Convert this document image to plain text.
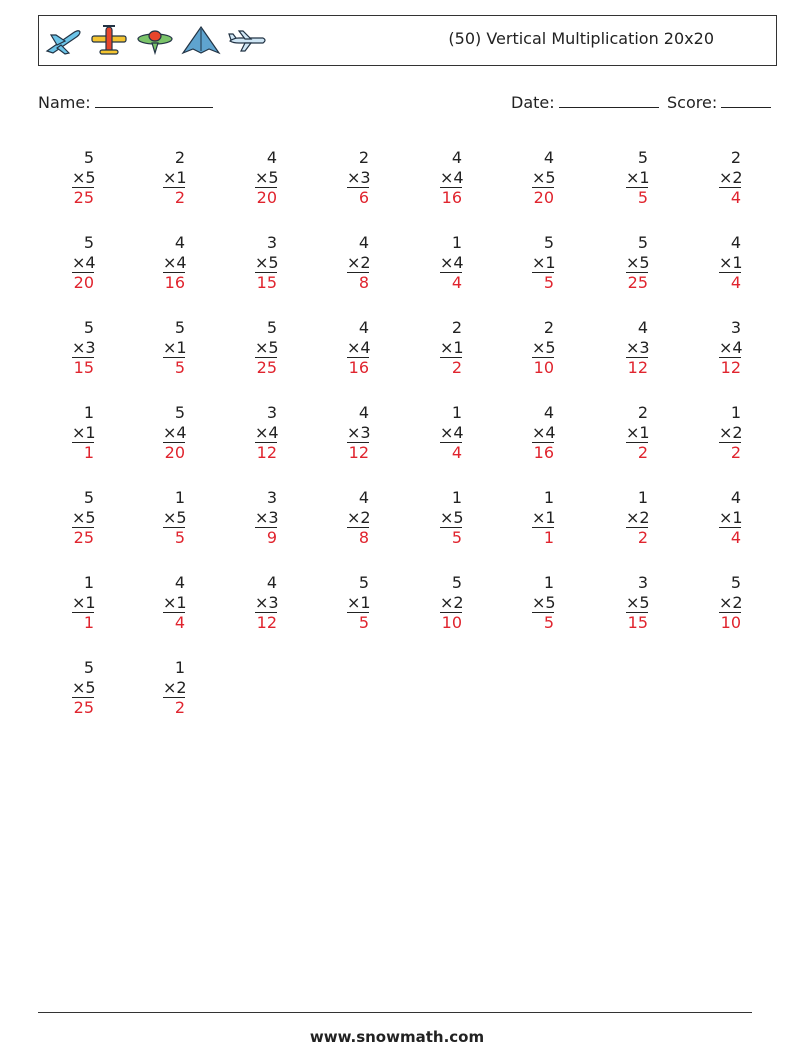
(50) Vertical Multiplication 20x20
Name:	Date:	Score:
5
×5
25
2
×1
2
4
×5
20
2
×3
6
4
×4
16
4
×5
20
5
×1
5
2
×2
4
5
×4
20
4
×4
16
3
×5
15
4
×2
8
1
×4
4
5
×1
5
5
×5
25
4
×1
4
5
×3
15
5
×1
5
5
×5
25
4
×4
16
2
×1
2
2
×5
10
4
×3
12
3
×4
12
1
×1
1
5
×4
20
3
×4
12
4
×3
12
1
×4
4
4
×4
16
2
×1
2
1
×2
2
5
×5
25
1
×5
5
3
×3
9
4
×2
8
1
×5
5
1
×1
1
1
×2
2
4
×1
4
1
×1
1
4
×1
4
4
×3
12
5
×1
5
5
×2
10
1
×5
5
3
×5
15
5
×2
10
5
×5
25
1
×2
2
www.snowmath.com
